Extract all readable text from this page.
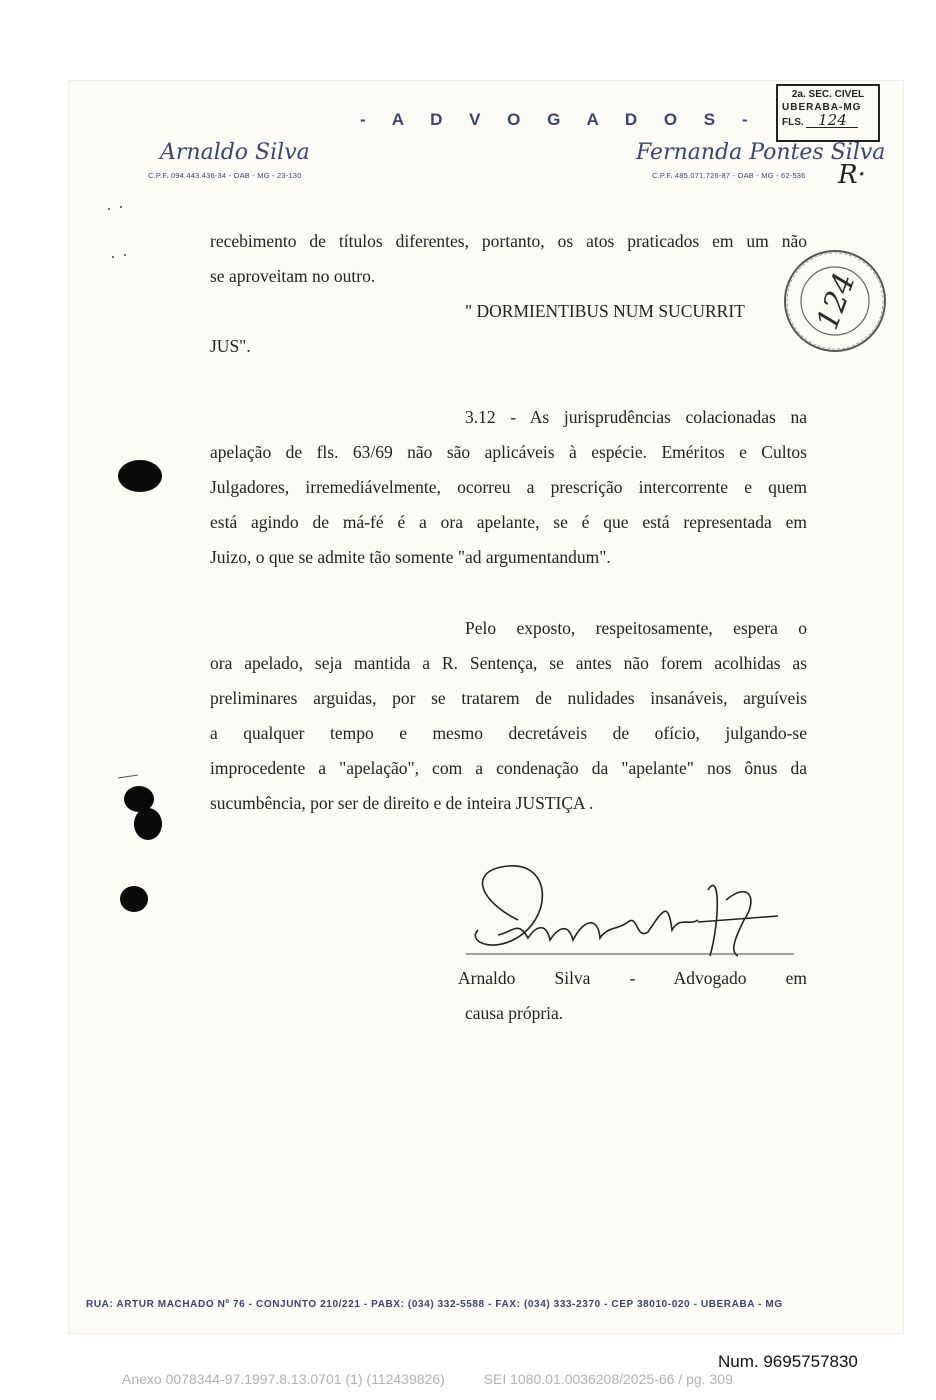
- A D V O G A D O S -
Arnaldo Silva
C.P.F. 094.443.436-34 - OAB - MG - 23-130
Fernanda Pontes Silva
C.P.F. 485.071.726-87 - OAB - MG - 62-536 R·
2a. SEC. CIVEL
UBERABA-MG
FLS. 124
124
recebimento de títulos diferentes, portanto, os atos praticados em um não
se aproveitam no outro.
" DORMIENTIBUS NUM SUCURRIT
JUS".
3.12 - As jurisprudências colacionadas na
apelação de fls. 63/69 não são aplicáveis à espécie. Eméritos e Cultos
Julgadores, irremediávelmente, ocorreu a prescrição intercorrente e quem
está agindo de má-fé é a ora apelante, se é que está representada em
Juizo, o que se admite tão somente "ad argumentandum".
Pelo exposto, respeitosamente, espera o
ora apelado, seja mantida a R. Sentença, se antes não forem acolhidas as
preliminares arguidas, por se tratarem de nulidades insanáveis, arguíveis
a qualquer tempo e mesmo decretáveis de ofício, julgando-se
improcedente a "apelação", com a condenação da "apelante" nos ônus da
sucumbência, por ser de direito e de inteira JUSTIÇA .
Arnaldo Silva - Advogado em
causa própria.
RUA: ARTUR MACHADO Nº 76 - CONJUNTO 210/221 - PABX: (034) 332-5588 - FAX: (034) 333-2370 - CEP 38010-020 - UBERABA - MG
Num. 9695757830
Anexo 0078344-97.1997.8.13.0701 (1) (112439826)          SEI 1080.01.0036208/2025-66 / pg. 309
